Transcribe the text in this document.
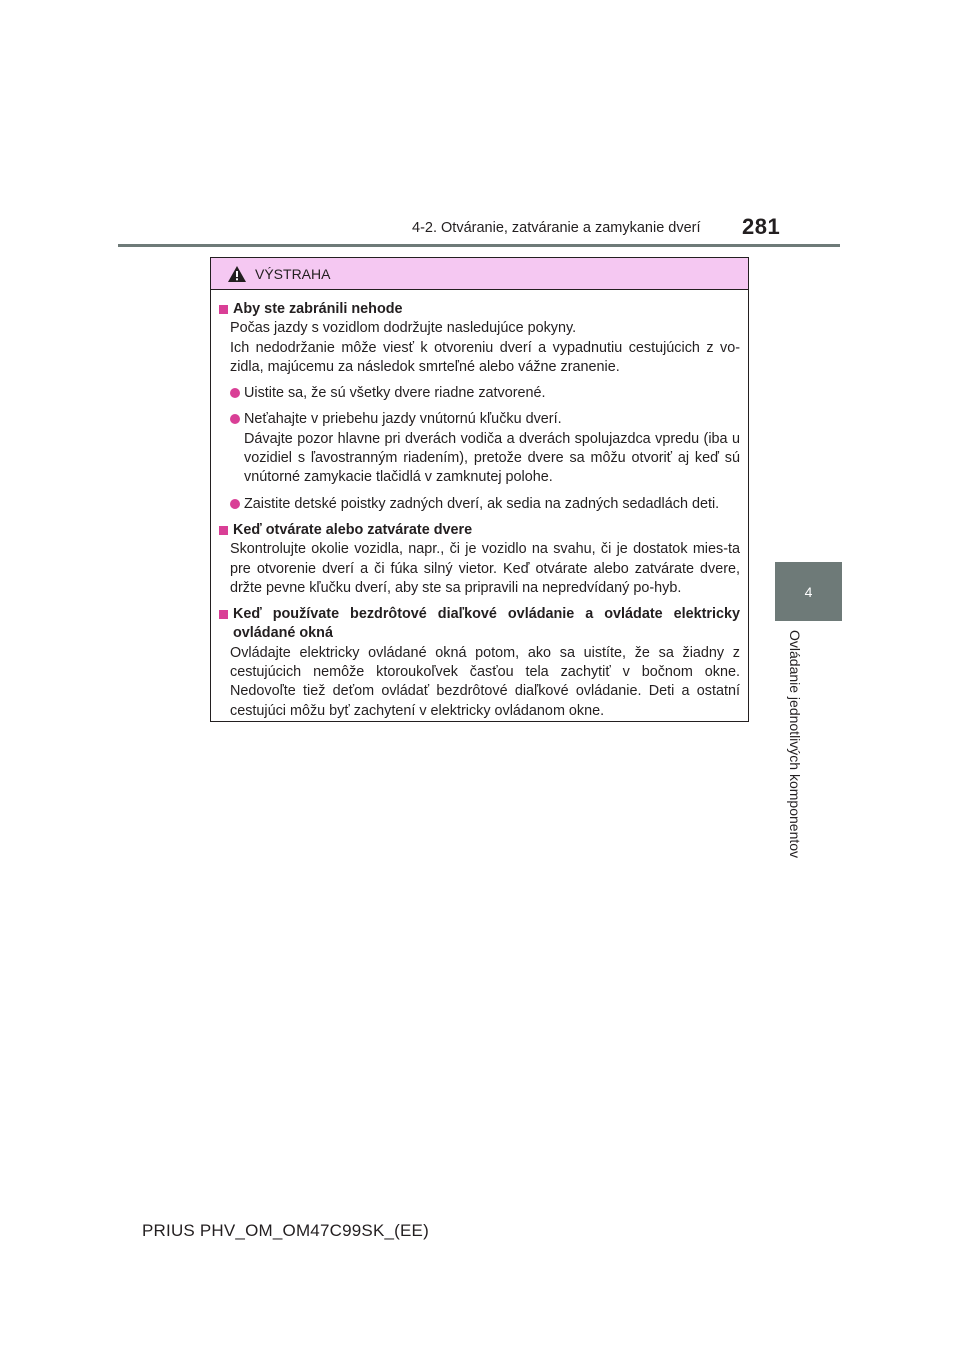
4-2. Otváranie, zatváranie a zamykanie dverí 281
4
Ovládanie jednotlivých komponentov
VÝSTRAHA
Aby ste zabránili nehode
Počas jazdy s vozidlom dodržujte nasledujúce pokyny.
Ich nedodržanie môže viesť k otvoreniu dverí a vypadnutiu cestujúcich z vo-zidla, majúcemu za následok smrteľné alebo vážne zranenie.
Uistite sa, že sú všetky dvere riadne zatvorené.
Neťahajte v priebehu jazdy vnútornú kľučku dverí.
Dávajte pozor hlavne pri dverách vodiča a dverách spolujazdca vpredu (iba u vozidiel s ľavostranným riadením), pretože dvere sa môžu otvoriť aj keď sú vnútorné zamykacie tlačidlá v zamknutej polohe.
Zaistite detské poistky zadných dverí, ak sedia na zadných sedadlách deti.
Keď otvárate alebo zatvárate dvere
Skontrolujte okolie vozidla, napr., či je vozidlo na svahu, či je dostatok mies-ta pre otvorenie dverí a či fúka silný vietor. Keď otvárate alebo zatvárate dvere, držte pevne kľučku dverí, aby ste sa pripravili na nepredvídaný po-hyb.
Keď používate bezdrôtové diaľkové ovládanie a ovládate elektricky ovládané okná
Ovládajte elektricky ovládané okná potom, ako sa uistíte, že sa žiadny z cestujúcich nemôže ktoroukoľvek časťou tela zachytiť v bočnom okne. Nedovoľte tiež deťom ovládať bezdrôtové diaľkové ovládanie. Deti a ostatní cestujúci môžu byť zachytení v elektricky ovládanom okne.
PRIUS PHV_OM_OM47C99SK_(EE)
